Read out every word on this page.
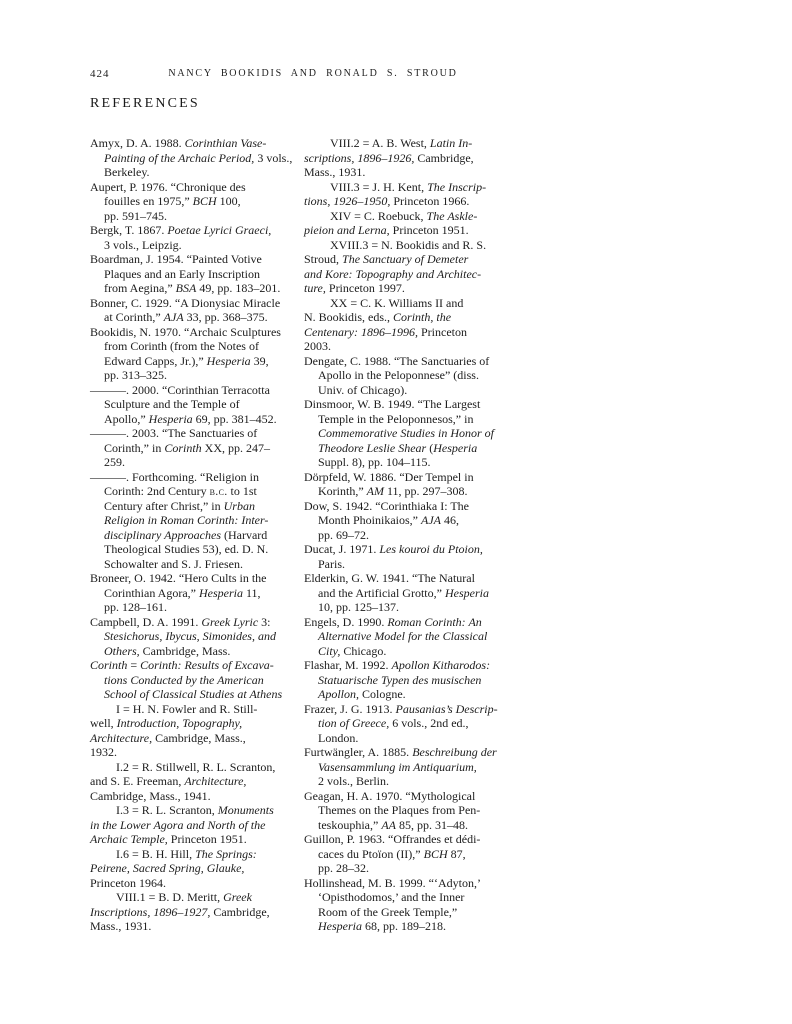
424	NANCY BOOKIDIS AND RONALD S. STROUD
REFERENCES
Amyx, D. A. 1988. Corinthian Vase-
Painting of the Archaic Period, 3 vols.,
Berkeley.
Aupert, P. 1976. “Chronique des
fouilles en 1975,” BCH 100,
pp. 591–745.
Bergk, T. 1867. Poetae Lyrici Graeci,
3 vols., Leipzig.
Boardman, J. 1954. “Painted Votive
Plaques and an Early Inscription
from Aegina,” BSA 49, pp. 183–201.
Bonner, C. 1929. “A Dionysiac Miracle
at Corinth,” AJA 33, pp. 368–375.
Bookidis, N. 1970. “Archaic Sculptures
from Corinth (from the Notes of
Edward Capps, Jr.),” Hesperia 39,
pp. 313–325.
———. 2000. “Corinthian Terracotta
Sculpture and the Temple of
Apollo,” Hesperia 69, pp. 381–452.
———. 2003. “The Sanctuaries of
Corinth,” in Corinth XX, pp. 247–
259.
———. Forthcoming. “Religion in
Corinth: 2nd Century b.c. to 1st
Century after Christ,” in Urban
Religion in Roman Corinth: Inter-
disciplinary Approaches (Harvard
Theological Studies 53), ed. D. N.
Schowalter and S. J. Friesen.
Broneer, O. 1942. “Hero Cults in the
Corinthian Agora,” Hesperia 11,
pp. 128–161.
Campbell, D. A. 1991. Greek Lyric 3:
Stesichorus, Ibycus, Simonides, and
Others, Cambridge, Mass.
Corinth = Corinth: Results of Excava-
tions Conducted by the American
School of Classical Studies at Athens
I = H. N. Fowler and R. Still-
well, Introduction, Topography,
Architecture, Cambridge, Mass.,
1932.
I.2 = R. Stillwell, R. L. Scranton,
and S. E. Freeman, Architecture,
Cambridge, Mass., 1941.
I.3 = R. L. Scranton, Monuments
in the Lower Agora and North of the
Archaic Temple, Princeton 1951.
I.6 = B. H. Hill, The Springs:
Peirene, Sacred Spring, Glauke,
Princeton 1964.
VIII.1 = B. D. Meritt, Greek
Inscriptions, 1896–1927, Cambridge,
Mass., 1931.
VIII.2 = A. B. West, Latin In-
scriptions, 1896–1926, Cambridge,
Mass., 1931.
VIII.3 = J. H. Kent, The Inscrip-
tions, 1926–1950, Princeton 1966.
XIV = C. Roebuck, The Askle-
pieion and Lerna, Princeton 1951.
XVIII.3 = N. Bookidis and R. S.
Stroud, The Sanctuary of Demeter
and Kore: Topography and Architec-
ture, Princeton 1997.
XX = C. K. Williams II and
N. Bookidis, eds., Corinth, the
Centenary: 1896–1996, Princeton
2003.
Dengate, C. 1988. “The Sanctuaries of
Apollo in the Peloponnese” (diss.
Univ. of Chicago).
Dinsmoor, W. B. 1949. “The Largest
Temple in the Peloponnesos,” in
Commemorative Studies in Honor of
Theodore Leslie Shear (Hesperia
Suppl. 8), pp. 104–115.
Dörpfeld, W. 1886. “Der Tempel in
Korinth,” AM 11, pp. 297–308.
Dow, S. 1942. “Corinthiaka I: The
Month Phoinikaios,” AJA 46,
pp. 69–72.
Ducat, J. 1971. Les kouroi du Ptoion,
Paris.
Elderkin, G. W. 1941. “The Natural
and the Artificial Grotto,” Hesperia
10, pp. 125–137.
Engels, D. 1990. Roman Corinth: An
Alternative Model for the Classical
City, Chicago.
Flashar, M. 1992. Apollon Kitharodos:
Statuarische Typen des musischen
Apollon, Cologne.
Frazer, J. G. 1913. Pausanias’s Descrip-
tion of Greece, 6 vols., 2nd ed.,
London.
Furtwängler, A. 1885. Beschreibung der
Vasensammlung im Antiquarium,
2 vols., Berlin.
Geagan, H. A. 1970. “Mythological
Themes on the Plaques from Pen-
teskouphia,” AA 85, pp. 31–48.
Guillon, P. 1963. “Offrandes et dédi-
caces du Ptoïon (II),” BCH 87,
pp. 28–32.
Hollinshead, M. B. 1999. “‘Adyton,’
‘Opisthodomos,’ and the Inner
Room of the Greek Temple,”
Hesperia 68, pp. 189–218.
